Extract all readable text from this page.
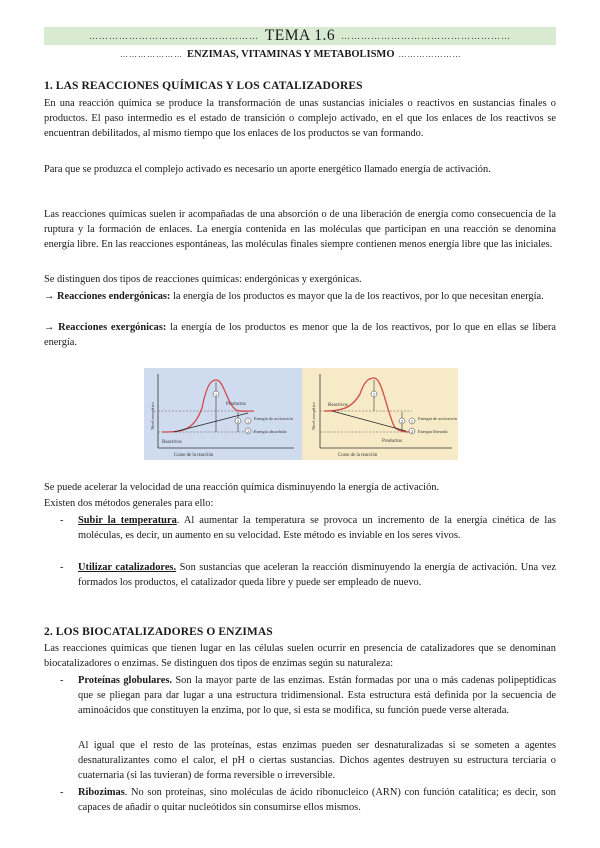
…………………………………………… TEMA 1.6 ……………………………………………
………………… ENZIMAS, VITAMINAS Y METABOLISMO …………………
1. LAS REACCIONES QUÍMICAS Y LOS CATALIZADORES

En una reacción química se produce la transformación de unas sustancias iniciales o reactivos en sustancias finales o productos. El paso intermedio es el estado de transición o complejo activado, en el que los enlaces de los reactivos se encuentran debilitados, al mismo tiempo que los enlaces de los productos se van formando.

Para que se produzca el complejo activado es necesario un aporte energético llamado energía de activación.

Las reacciones químicas suelen ir acompañadas de una absorción o de una liberación de energía como consecuencia de la ruptura y la formación de enlaces. La energía contenida en las moléculas que participan en una reacción se denomina energía libre. En las reacciones espontáneas, las moléculas finales siempre contienen menos energía libre que las iniciales.

Se distinguen dos tipos de reacciones químicas: endergónicas y exergónicas.

→ Reacciones endergónicas: la energía de los productos es mayor que la de los reactivos, por lo que necesitan energía.

→ Reacciones exergónicas: la energía de los productos es menor que la de los reactivos, por lo que en ellas se libera energía.

1
2 1
2
Energía de activación
Energía absorbida
Productos
Reactivos
Curso de la reacción
Nivel energético
1
2 1
2
Energía de activación
Energía liberada
Reactivos
Productos
Curso de la reacción
Nivel energético

Se puede acelerar la velocidad de una reacción química disminuyendo la energía de activación.

Existen dos métodos generales para ello:

- Subir la temperatura. Al aumentar la temperatura se provoca un incremento de la energía cinética de las moléculas, es decir, un aumento en su velocidad. Este método es inviable en los seres vivos.
- Utilizar catalizadores. Son sustancias que aceleran la reacción disminuyendo la energía de activación. Una vez formados los productos, el catalizador queda libre y puede ser empleado de nuevo.
2. LOS BIOCATALIZADORES O ENZIMAS

Las reacciones químicas que tienen lugar en las células suelen ocurrir en presencia de catalizadores que se denominan biocatalizadores o enzimas. Se distinguen dos tipos de enzimas según su naturaleza:

- Proteínas globulares. Son la mayor parte de las enzimas. Están formadas por una o más cadenas polipeptídicas que se pliegan para dar lugar a una estructura tridimensional. Esta estructura está definida por la secuencia de aminoácidos que constituyen la enzima, por lo que, si esta se modifica, su función puede verse alterada.
Al igual que el resto de las proteínas, estas enzimas pueden ser desnaturalizadas si se someten a agentes desnaturalizantes como el calor, el pH o ciertas sustancias. Dichos agentes destruyen su estructura terciaria o cuaternaria (si las tuvieran) de forma reversible o irreversible.
- Ribozimas. No son proteínas, sino moléculas de ácido ribonucleico (ARN) con función catalítica; es decir, son capaces de añadir o quitar nucleótidos sin consumirse ellos mismos.
